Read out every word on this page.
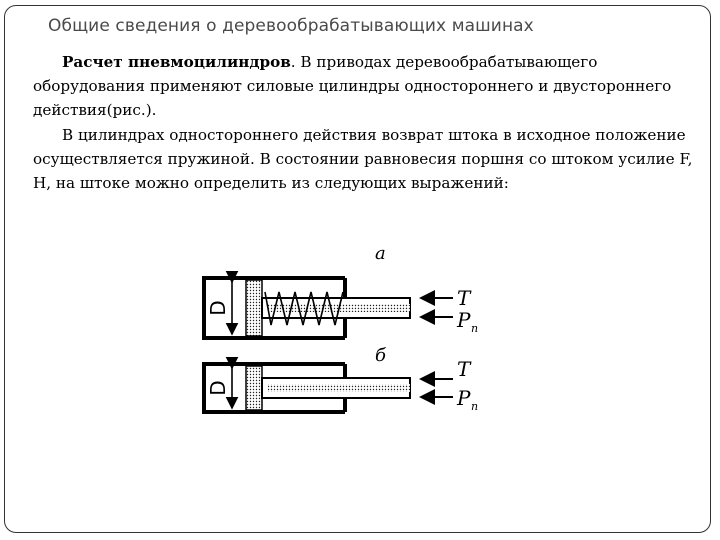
Общие сведения о деревообрабатывающих машинах

Расчет пневмоцилиндров. В приводах деревообрабатывающего оборудования применяют силовые цилиндры одностороннего и двустороннего действия(рис.).

В цилиндрах одностороннего действия возврат штока в исходное положение осуществляется пружиной. В состоянии равновесия поршня со штоком усилие F, Н, на штоке можно определить из следующих выражений:

а
D	T
P п
б
D
T
P п
